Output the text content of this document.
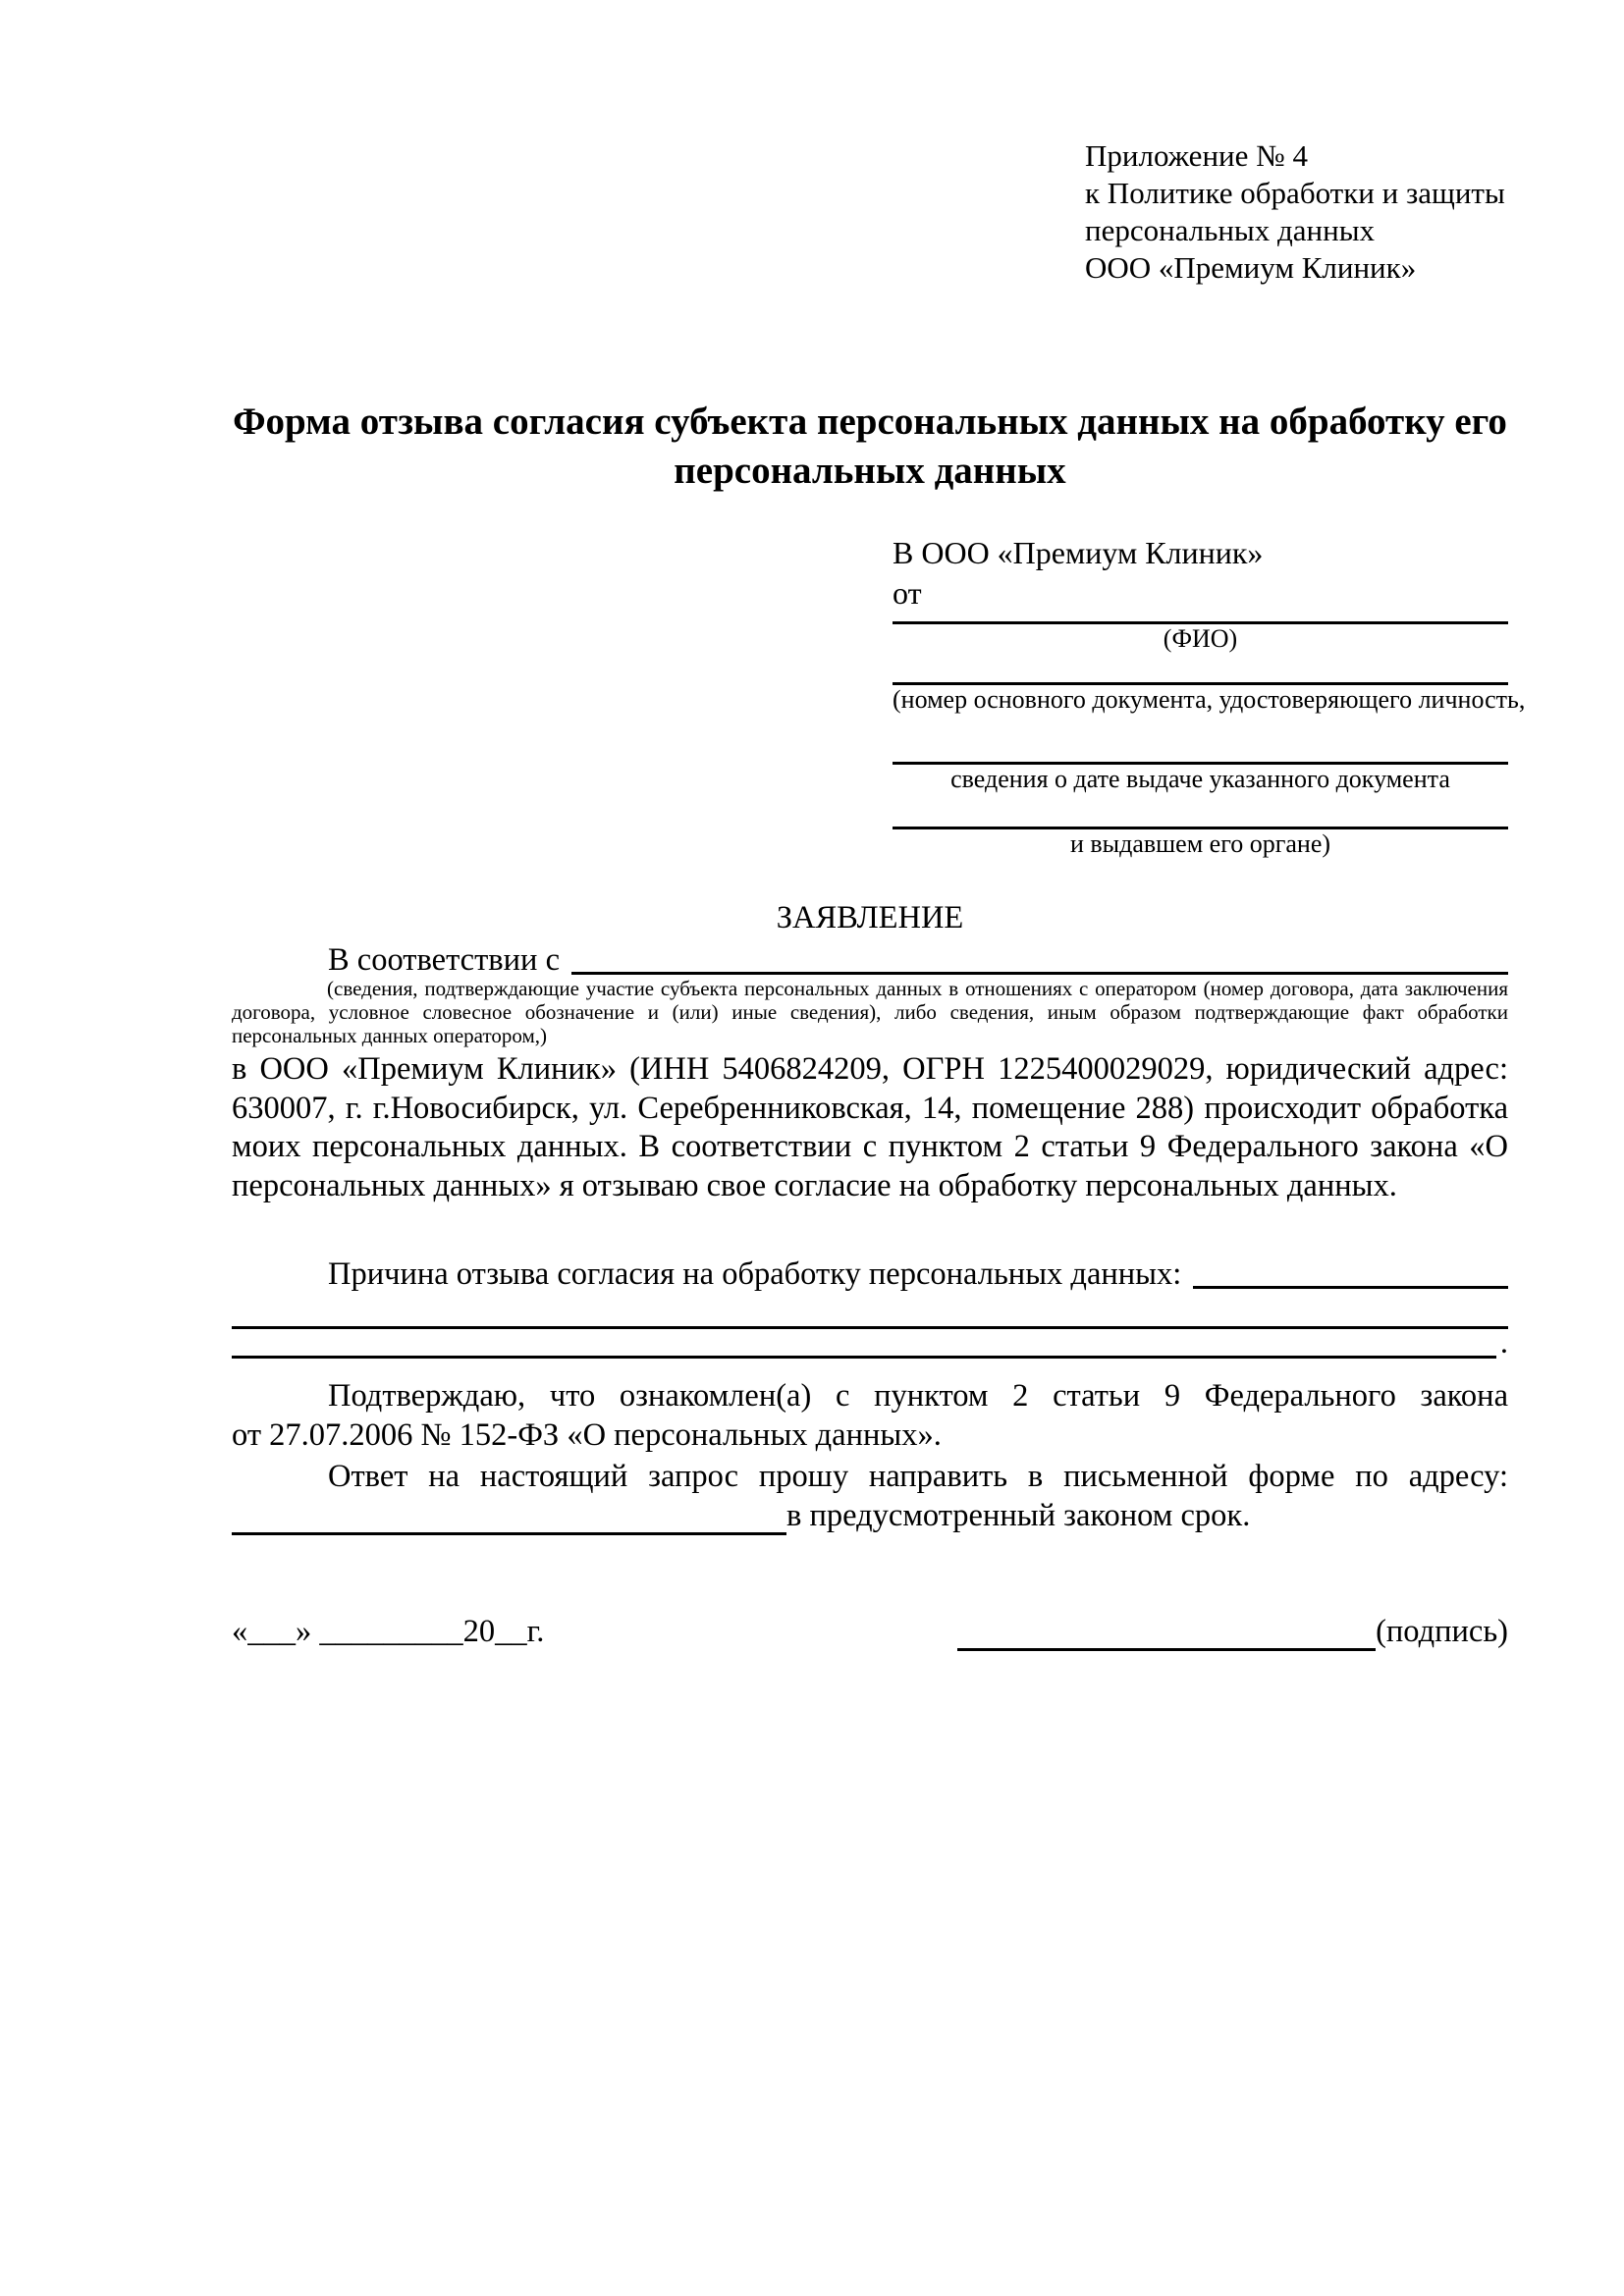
Приложение № 4
к Политике обработки и защиты
персональных данных
ООО «Премиум Клиник»
Форма отзыва согласия субъекта персональных данных на обработку его персональных данных
В ООО «Премиум Клиник»
от
(ФИО)
(номер основного документа, удостоверяющего личность,
сведения о дате выдаче указанного документа
и выдавшем его органе)
ЗАЯВЛЕНИЕ
В соответствии с
(сведения, подтверждающие участие субъекта персональных данных в отношениях с оператором (номер договора, дата заключения договора, условное словесное обозначение и (или) иные сведения), либо сведения, иным образом подтверждающие факт обработки персональных данных оператором,)
в ООО «Премиум Клиник» (ИНН 5406824209, ОГРН 1225400029029, юридический адрес: 630007, г. г.Новосибирск, ул. Серебренниковская, 14, помещение 288) происходит обработка моих персональных данных. В соответствии с пунктом 2 статьи 9 Федерального закона «О персональных данных» я отзываю свое согласие на обработку персональных данных.
Причина отзыва согласия на обработку персональных данных:
.
Подтверждаю, что ознакомлен(а) с пунктом 2 статьи 9 Федерального закона
от 27.07.2006 № 152-ФЗ «О персональных данных».
Ответ на настоящий запрос прошу направить в письменной форме по адресу:
в предусмотренный законом срок.
«___» _________20__г.	(подпись)
